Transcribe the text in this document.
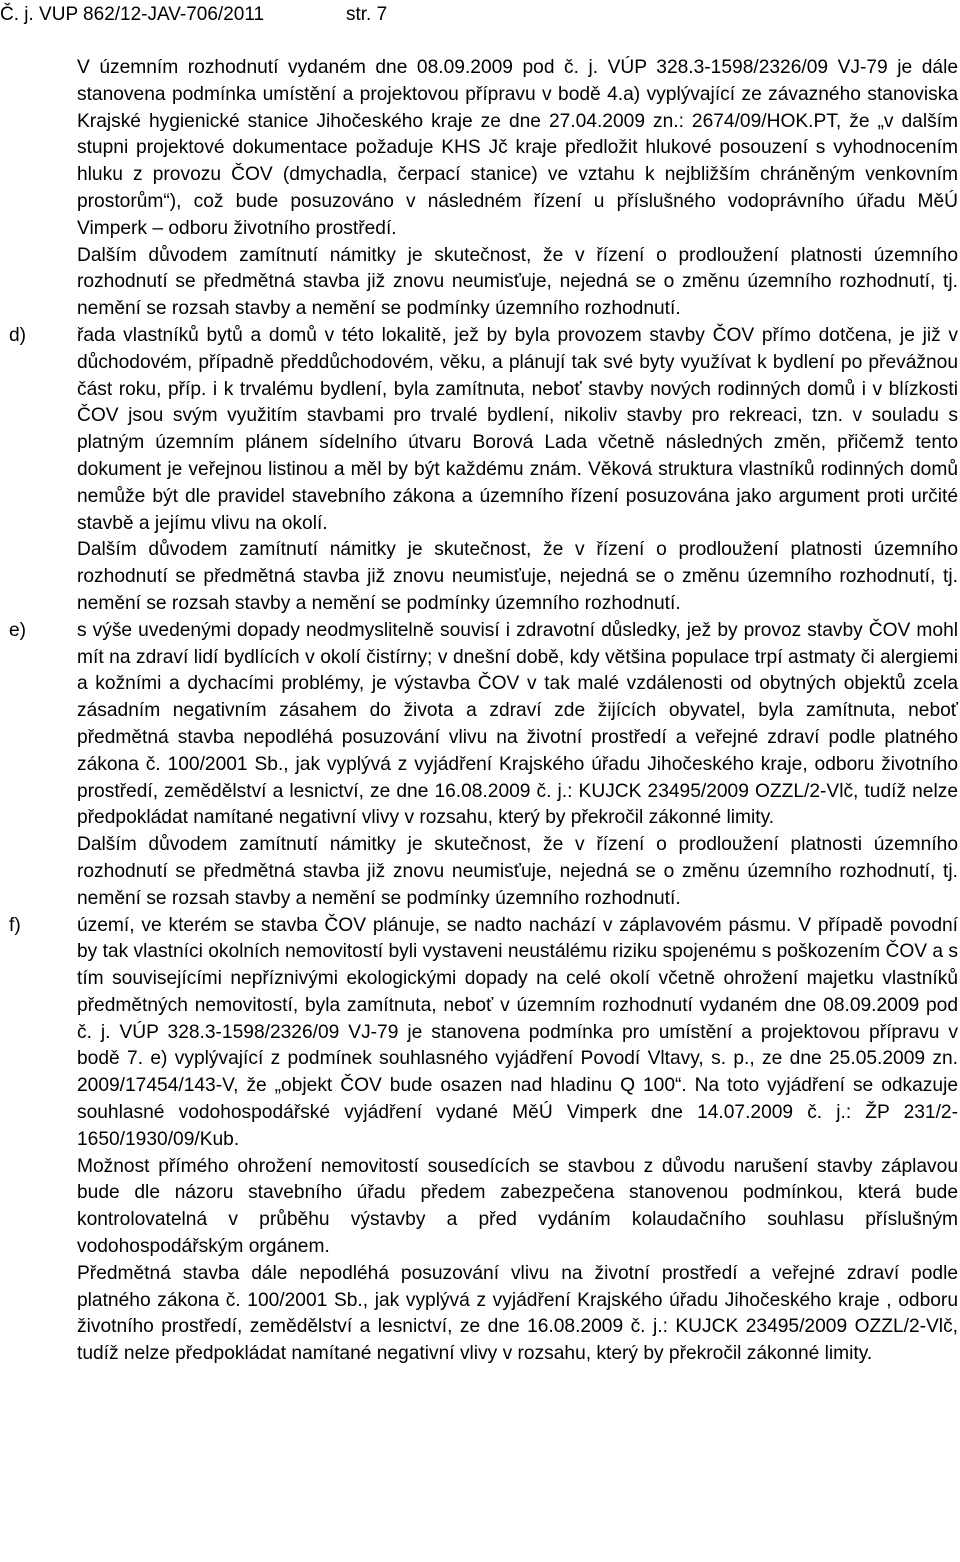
Č. j. VUP 862/12-JAV-706/2011	str. 7

V územním rozhodnutí vydaném dne 08.09.2009 pod č. j. VÚP 328.3-1598/2326/09 VJ-79 je dále stanovena podmínka umístění a projektovou přípravu v bodě 4.a) vyplývající ze závazného stanoviska Krajské hygienické stanice Jihočeského kraje ze dne 27.04.2009 zn.: 2674/09/HOK.PT, že „v dalším stupni projektové dokumentace požaduje KHS Jč kraje předložit hlukové posouzení s vyhodnocením hluku z provozu ČOV (dmychadla, čerpací stanice) ve vztahu k nejbližším chráněným venkovním prostorům“), což bude posuzováno v následném řízení u příslušného vodoprávního úřadu MěÚ Vimperk – odboru životního prostředí.

Dalším důvodem zamítnutí námitky je skutečnost, že v řízení o prodloužení platnosti územního rozhodnutí se předmětná stavba již znovu neumisťuje, nejedná se o změnu územního rozhodnutí, tj. nemění se rozsah stavby a nemění se podmínky územního rozhodnutí.

d)	řada vlastníků bytů a domů v této lokalitě, jež by byla provozem stavby ČOV přímo dotčena, je již v důchodovém, případně předdůchodovém, věku, a plánují tak své byty využívat k bydlení po převážnou část roku, příp. i k trvalému bydlení, byla zamítnuta, neboť stavby nových rodinných domů i v blízkosti ČOV jsou svým využitím stavbami pro trvalé bydlení, nikoliv stavby pro rekreaci, tzn. v souladu s platným územním plánem sídelního útvaru Borová Lada včetně následných změn, přičemž tento dokument je veřejnou listinou a měl by být každému znám. Věková struktura vlastníků rodinných domů nemůže být dle pravidel stavebního zákona a územního řízení posuzována jako argument proti určité stavbě a jejímu vlivu na okolí.

Dalším důvodem zamítnutí námitky je skutečnost, že v řízení o prodloužení platnosti územního rozhodnutí se předmětná stavba již znovu neumisťuje, nejedná se o změnu územního rozhodnutí, tj. nemění se rozsah stavby a nemění se podmínky územního rozhodnutí.

e)	s výše uvedenými dopady neodmyslitelně souvisí i zdravotní důsledky, jež by provoz stavby ČOV mohl mít na zdraví lidí bydlících v okolí čistírny; v dnešní době, kdy většina populace trpí astmaty či alergiemi a kožními a dychacími problémy, je výstavba ČOV v tak malé vzdálenosti od obytných objektů zcela zásadním negativním zásahem do života a zdraví zde žijících obyvatel, byla zamítnuta, neboť předmětná stavba nepodléhá posuzování vlivu na životní prostředí a veřejné zdraví podle platného zákona č. 100/2001 Sb., jak vyplývá z vyjádření Krajského úřadu Jihočeského kraje, odboru životního prostředí, zemědělství a lesnictví, ze dne 16.08.2009 č. j.: KUJCK 23495/2009 OZZL/2-Vlč, tudíž nelze předpokládat namítané negativní vlivy v rozsahu, který by překročil zákonné limity.

Dalším důvodem zamítnutí námitky je skutečnost, že v řízení o prodloužení platnosti územního rozhodnutí se předmětná stavba již znovu neumisťuje, nejedná se o změnu územního rozhodnutí, tj. nemění se rozsah stavby a nemění se podmínky územního rozhodnutí.

f)	území, ve kterém se stavba ČOV plánuje, se nadto nachází v záplavovém pásmu. V případě povodní by tak vlastníci okolních nemovitostí byli vystaveni neustálému riziku spojenému s poškozením ČOV a s tím souvisejícími nepříznivými ekologickými dopady na celé okolí včetně ohrožení majetku vlastníků předmětných nemovitostí, byla zamítnuta, neboť v územním rozhodnutí vydaném dne 08.09.2009 pod č. j. VÚP 328.3-1598/2326/09 VJ-79 je stanovena podmínka pro umístění a projektovou přípravu v bodě 7. e) vyplývající z podmínek souhlasného vyjádření Povodí Vltavy, s. p., ze dne 25.05.2009 zn. 2009/17454/143-V, že „objekt ČOV bude osazen nad hladinu Q 100“. Na toto vyjádření se odkazuje souhlasné vodohospodářské vyjádření vydané MěÚ Vimperk dne 14.07.2009 č. j.: ŽP 231/2-1650/1930/09/Kub.

Možnost přímého ohrožení nemovitostí sousedících se stavbou z důvodu narušení stavby záplavou bude dle názoru stavebního úřadu předem zabezpečena stanovenou podmínkou, která bude kontrolovatelná v průběhu výstavby a před vydáním kolaudačního souhlasu příslušným vodohospodářským orgánem.

Předmětná stavba dále nepodléhá posuzování vlivu na životní prostředí a veřejné zdraví podle platného zákona č. 100/2001 Sb., jak vyplývá z vyjádření Krajského úřadu Jihočeského kraje , odboru životního prostředí, zemědělství a lesnictví, ze dne 16.08.2009 č. j.: KUJCK 23495/2009 OZZL/2-Vlč, tudíž nelze předpokládat namítané negativní vlivy v rozsahu, který by překročil zákonné limity.
